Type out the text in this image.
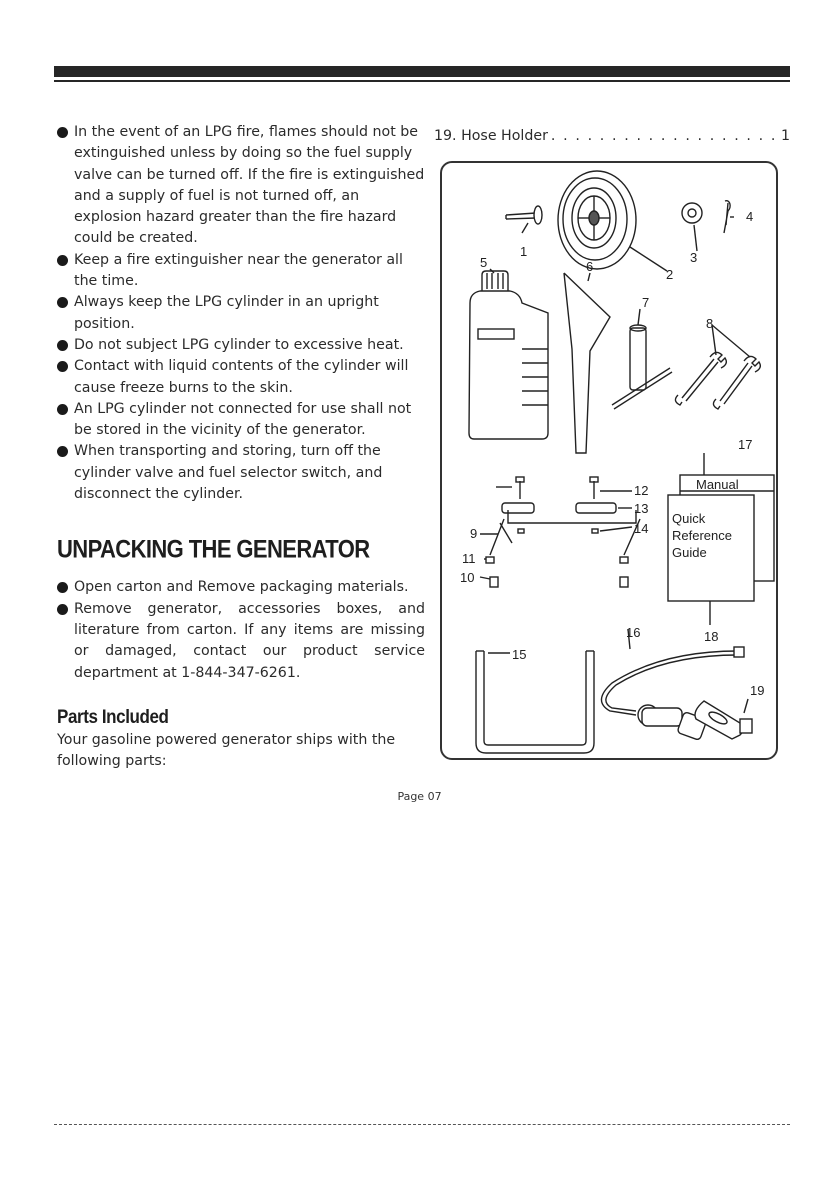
In the event of an LPG fire, flames should not be extinguished unless by doing so the fuel supply valve can be turned off. If the fire is extinguished and a supply of fuel is not turned off, an explosion hazard greater than the fire hazard could be created.
Keep a fire extinguisher near the generator all the time.
Always keep the LPG cylinder in an upright position.
Do not subject LPG cylinder to excessive heat.
Contact with liquid contents of the cylinder will cause freeze burns to the skin.
An LPG cylinder not connected for use shall not be stored in the vicinity of the generator.
When transporting and storing, turn off the cylinder valve and fuel selector switch, and disconnect the cylinder.
UNPACKING THE GENERATOR
Open carton and Remove packaging materials.
Remove generator, accessories boxes, and literature from carton. If any items are missing or damaged, contact our product service department at 1-844-347-6261.
Parts Included

Your gasoline powered generator ships with the following parts:

19. Hose Holder
. . .	1
1
2
3
4
5	6
7
8
9
10
11
12
13
14
15
16
17
18
19
Manual
Quick
Reference
Guide
Page 07
